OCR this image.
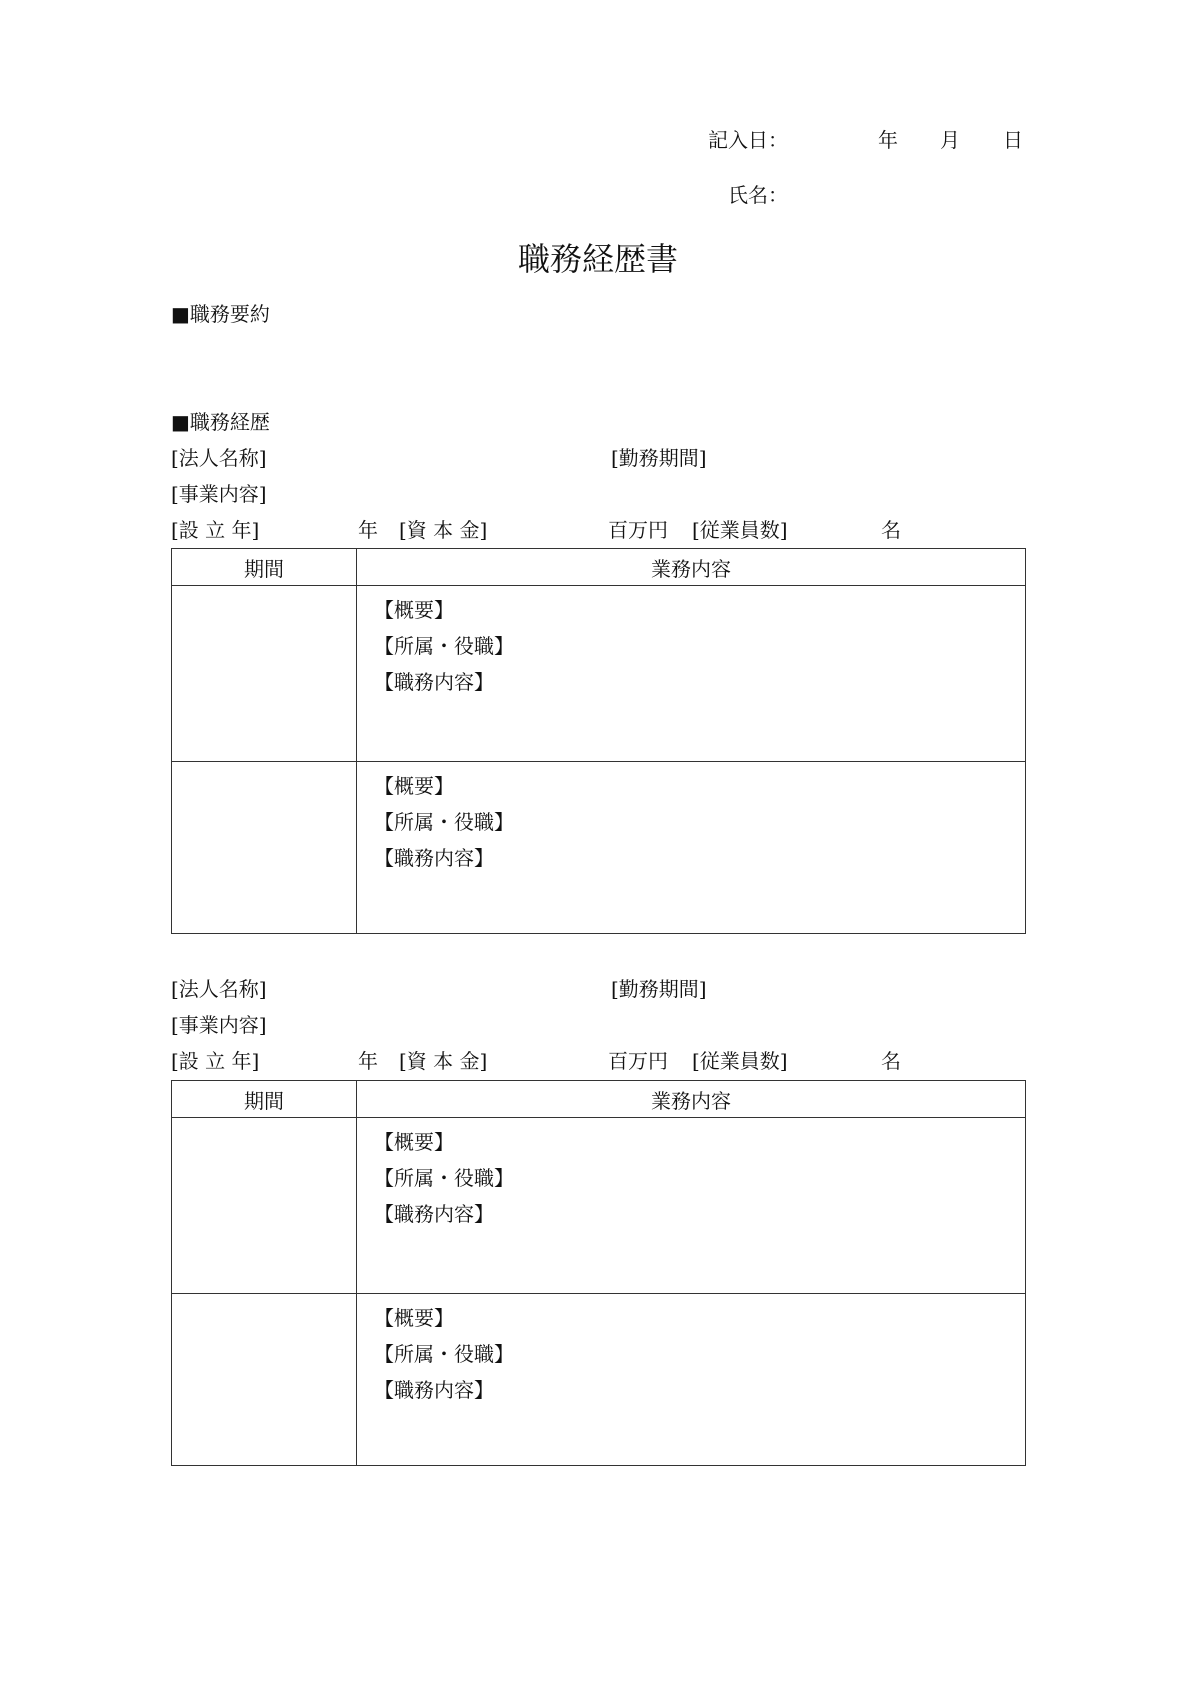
記入日：	年 月 日
氏名：
職務経歴書
■職務要約
■職務経歴
[法人名称]	[勤務期間]
[事業内容]
[設 立 年]	年 [資 本 金]	百万円 [従業員数]	名
期間	業務内容

	【概要】
【所属・役職】
【職務内容】

	【概要】
【所属・役職】
【職務内容】
[法人名称]	[勤務期間]
[事業内容]
[設 立 年]	年 [資 本 金]	百万円 [従業員数]	名
期間	業務内容

	【概要】
【所属・役職】
【職務内容】

	【概要】
【所属・役職】
【職務内容】
